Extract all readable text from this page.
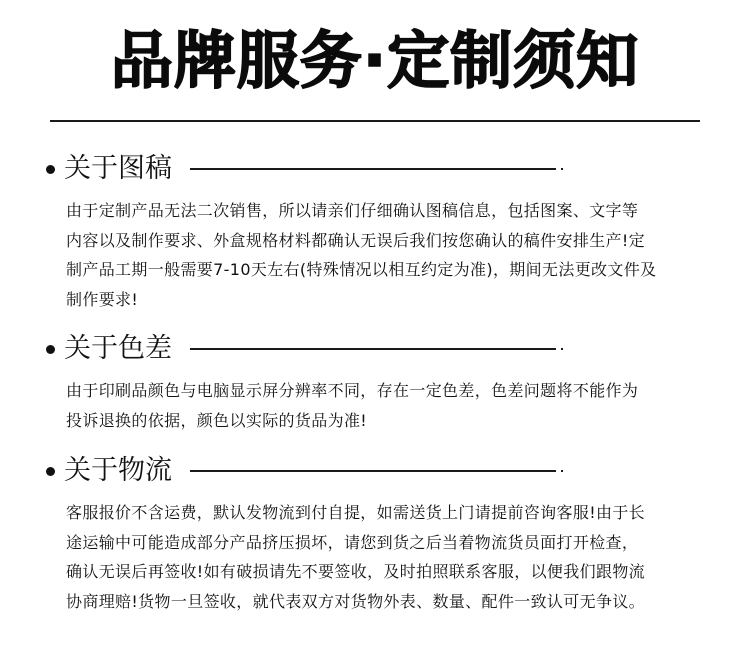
品牌服务·定制须知
关于图稿
由于定制产品无法二次销售，所以请亲们仔细确认图稿信息，包括图案、文字等
内容以及制作要求、外盒规格材料都确认无误后我们按您确认的稿件安排生产!定
制产品工期一般需要7-10天左右(特殊情况以相互约定为准)，期间无法更改文件及
制作要求!
关于色差
由于印刷品颜色与电脑显示屏分辨率不同，存在一定色差，色差问题将不能作为
投诉退换的依据，颜色以实际的货品为准!
关于物流
客服报价不含运费，默认发物流到付自提，如需送货上门请提前咨询客服!由于长
途运输中可能造成部分产品挤压损坏，请您到货之后当着物流货员面打开检查，
确认无误后再签收!如有破损请先不要签收，及时拍照联系客服，以便我们跟物流
协商理赔!货物一旦签收，就代表双方对货物外表、数量、配件一致认可无争议。
